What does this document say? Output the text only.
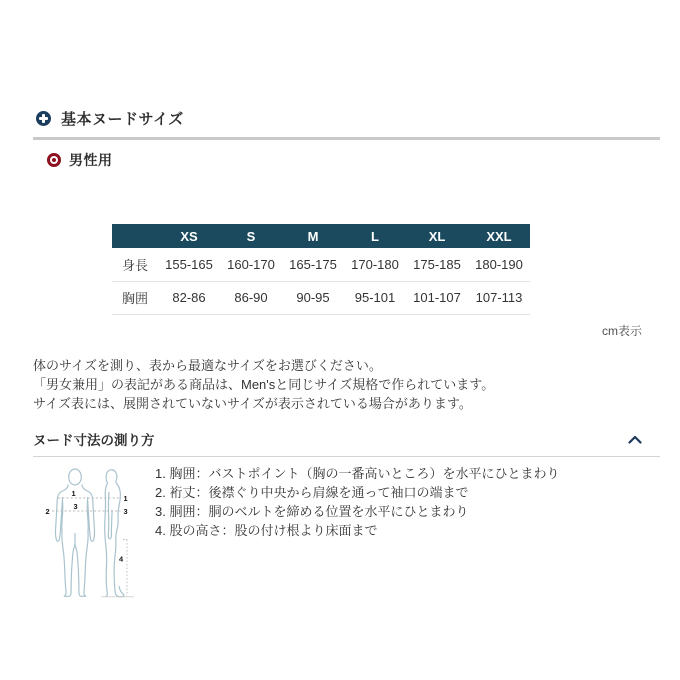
基本ヌードサイズ
男性用
	XS	S	M	L	XL	XXL
身長	155-165	160-170	165-175	170-180	175-185	180-190
胸囲	82-86	86-90	90-95	95-101	101-107	107-113
cm表示
体のサイズを測り、表から最適なサイズをお選びください。
「男女兼用」の表記がある商品は、Men'sと同じサイズ規格で作られています。
サイズ表には、展開されていないサイズが表示されている場合があります。
ヌード寸法の測り方
1
2
3
1
3
4
1. 胸囲：バストポイント（胸の一番高いところ）を水平にひとまわり
2. 裄丈：後襟ぐり中央から肩線を通って袖口の端まで
3. 胴囲：胴のベルトを締める位置を水平にひとまわり
4. 股の高さ：股の付け根より床面まで
